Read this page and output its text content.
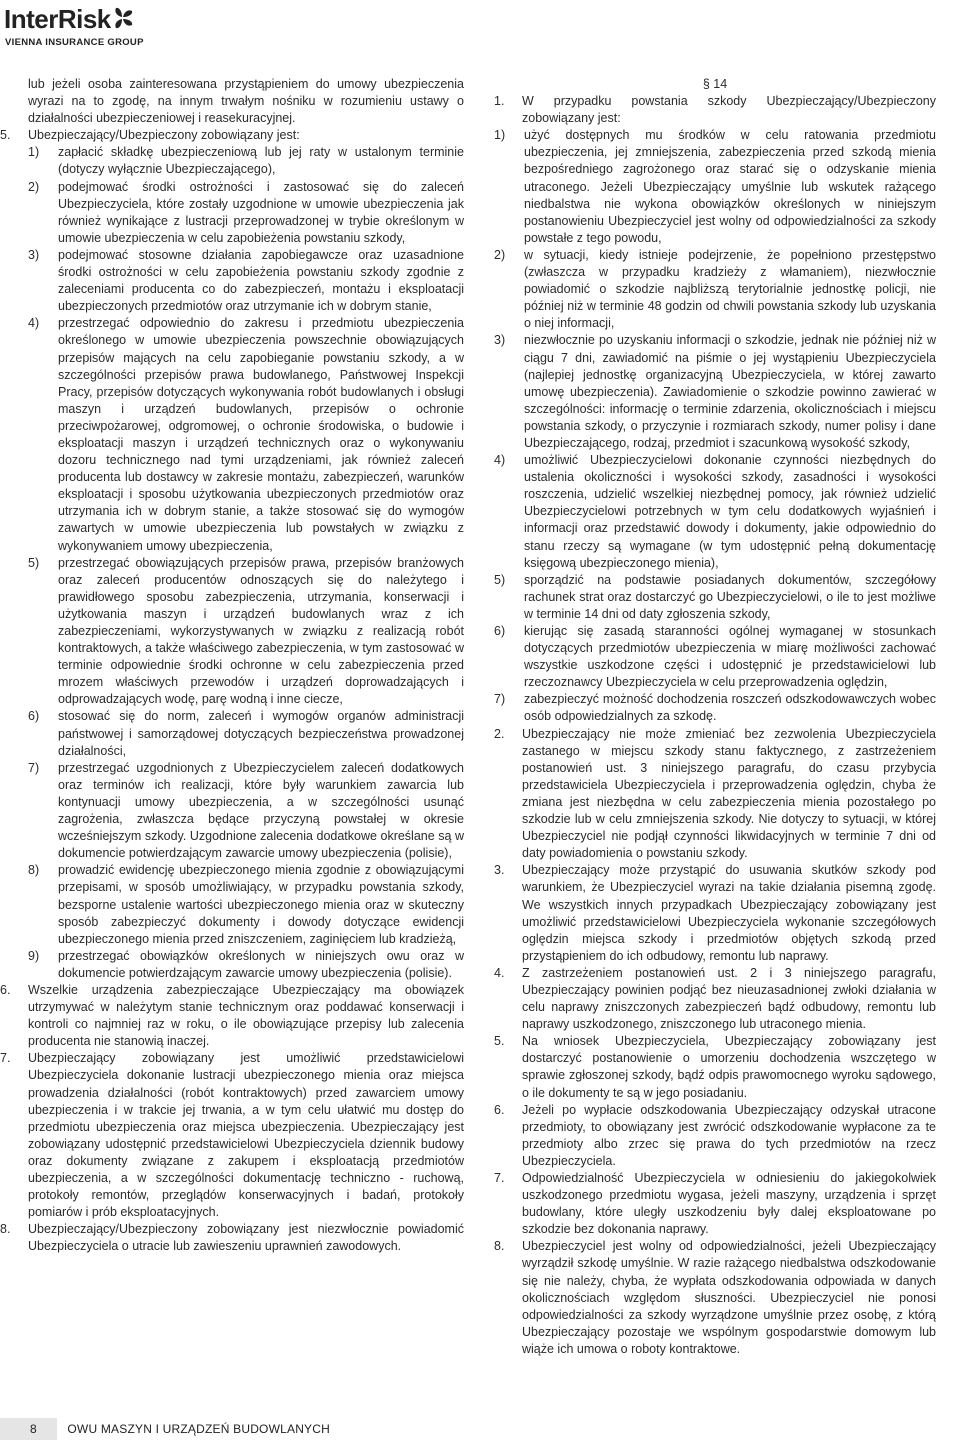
InterRisk
VIENNA INSURANCE GROUP
lub jeżeli osoba zainteresowana przystąpieniem do umowy ubezpieczenia wyrazi na to zgodę, na innym trwałym nośniku w rozumieniu ustawy o działalności ubezpieczeniowej i reasekuracyjnej.
5.	Ubezpieczający/Ubezpieczony zobowiązany jest:
1)	zapłacić składkę ubezpieczeniową lub jej raty w ustalonym terminie (dotyczy wyłącznie Ubezpieczającego),
2)	podejmować środki ostrożności i zastosować się do zaleceń Ubezpieczyciela, które zostały uzgodnione w umowie ubezpieczenia jak również wynikające z lustracji przeprowadzonej w trybie określonym w umowie ubezpieczenia w celu zapobieżenia powstaniu szkody,
3)	podejmować stosowne działania zapobiegawcze oraz uzasadnione środki ostrożności w celu zapobieżenia powstaniu szkody zgodnie z zaleceniami producenta co do zabezpieczeń, montażu i eksploatacji ubezpieczonych przedmiotów oraz utrzymanie ich w dobrym stanie,
4)	przestrzegać odpowiednio do zakresu i przedmiotu ubezpieczenia określonego w umowie ubezpieczenia powszechnie obowiązujących przepisów mających na celu zapobieganie powstaniu szkody, a w szczególności przepisów prawa budowlanego, Państwowej Inspekcji Pracy, przepisów dotyczących wykonywania robót budowlanych i obsługi maszyn i urządzeń budowlanych, przepisów o ochronie przeciwpożarowej, odgromowej, o ochronie środowiska, o budowie i eksploatacji maszyn i urządzeń technicznych oraz o wykonywaniu dozoru technicznego nad tymi urządzeniami, jak również zaleceń producenta lub dostawcy w zakresie montażu, zabezpieczeń, warunków eksploatacji i sposobu użytkowania ubezpieczonych przedmiotów oraz utrzymania ich w dobrym stanie, a także stosować się do wymogów zawartych w umowie ubezpieczenia lub powstałych w związku z wykonywaniem umowy ubezpieczenia,
5)	przestrzegać obowiązujących przepisów prawa, przepisów branżowych oraz zaleceń producentów odnoszących się do należytego i prawidłowego sposobu zabezpieczenia, utrzymania, konserwacji i użytkowania maszyn i urządzeń budowlanych wraz z ich zabezpieczeniami, wykorzystywanych w związku z realizacją robót kontraktowych, a także właściwego zabezpieczenia, w tym zastosować w terminie odpowiednie środki ochronne w celu zabezpieczenia przed mrozem właściwych przewodów i urządzeń doprowadzających i odprowadzających wodę, parę wodną i inne ciecze,
6)	stosować się do norm, zaleceń i wymogów organów administracji państwowej i samorządowej dotyczących bezpieczeństwa prowadzonej działalności,
7)	przestrzegać uzgodnionych z Ubezpieczycielem zaleceń dodatkowych oraz terminów ich realizacji, które były warunkiem zawarcia lub kontynuacji umowy ubezpieczenia, a w szczególności usunąć zagrożenia, zwłaszcza będące przyczyną powstałej w okresie wcześniejszym szkody. Uzgodnione zalecenia dodatkowe określane są w dokumencie potwierdzającym zawarcie umowy ubezpieczenia (polisie),
8)	prowadzić ewidencję ubezpieczonego mienia zgodnie z obowiązującymi przepisami, w sposób umożliwiający, w przypadku powstania szkody, bezsporne ustalenie wartości ubezpieczonego mienia oraz w skuteczny sposób zabezpieczyć dokumenty i dowody dotyczące ewidencji ubezpieczonego mienia przed zniszczeniem, zaginięciem lub kradzieżą,
9)	przestrzegać obowiązków określonych w niniejszych owu oraz w dokumencie potwierdzającym zawarcie umowy ubezpieczenia (polisie).
6.	Wszelkie urządzenia zabezpieczające Ubezpieczający ma obowiązek utrzymywać w należytym stanie technicznym oraz poddawać konserwacji i kontroli co najmniej raz w roku, o ile obowiązujące przepisy lub zalecenia producenta nie stanowią inaczej.
7.	Ubezpieczający zobowiązany jest umożliwić przedstawicielowi Ubezpieczyciela dokonanie lustracji ubezpieczonego mienia oraz miejsca prowadzenia działalności (robót kontraktowych) przed zawarciem umowy ubezpieczenia i w trakcie jej trwania, a w tym celu ułatwić mu dostęp do przedmiotu ubezpieczenia oraz miejsca ubezpieczenia. Ubezpieczający jest zobowiązany udostępnić przedstawicielowi Ubezpieczyciela dziennik budowy oraz dokumenty związane z zakupem i eksploatacją przedmiotów ubezpieczenia, a w szczególności dokumentację techniczno - ruchową, protokoły remontów, przeglądów konserwacyjnych i badań, protokoły pomiarów i prób eksploatacyjnych.
8.	Ubezpieczający/Ubezpieczony zobowiązany jest niezwłocznie powiadomić Ubezpieczyciela o utracie lub zawieszeniu uprawnień zawodowych.
§ 14
1.	W przypadku powstania szkody Ubezpieczający/Ubezpieczony zobowiązany jest:
1)	użyć dostępnych mu środków w celu ratowania przedmiotu ubezpieczenia, jej zmniejszenia, zabezpieczenia przed szkodą mienia bezpośredniego zagrożonego oraz starać się o odzyskanie mienia utraconego. Jeżeli Ubezpieczający umyślnie lub wskutek rażącego niedbalstwa nie wykona obowiązków określonych w niniejszym postanowieniu Ubezpieczyciel jest wolny od odpowiedzialności za szkody powstałe z tego powodu,
2)	w sytuacji, kiedy istnieje podejrzenie, że popełniono przestępstwo (zwłaszcza w przypadku kradzieży z włamaniem), niezwłocznie powiadomić o szkodzie najbliższą terytorialnie jednostkę policji, nie później niż w terminie 48 godzin od chwili powstania szkody lub uzyskania o niej informacji,
3)	niezwłocznie po uzyskaniu informacji o szkodzie, jednak nie później niż w ciągu 7 dni, zawiadomić na piśmie o jej wystąpieniu Ubezpieczyciela (najlepiej jednostkę organizacyjną Ubezpieczyciela, w której zawarto umowę ubezpieczenia). Zawiadomienie o szkodzie powinno zawierać w szczególności: informację o terminie zdarzenia, okolicznościach i miejscu powstania szkody, o przyczynie i rozmiarach szkody, numer polisy i dane Ubezpieczającego, rodzaj, przedmiot i szacunkową wysokość szkody,
4)	umożliwić Ubezpieczycielowi dokonanie czynności niezbędnych do ustalenia okoliczności i wysokości szkody, zasadności i wysokości roszczenia, udzielić wszelkiej niezbędnej pomocy, jak również udzielić Ubezpieczycielowi potrzebnych w tym celu dodatkowych wyjaśnień i informacji oraz przedstawić dowody i dokumenty, jakie odpowiednio do stanu rzeczy są wymagane (w tym udostępnić pełną dokumentację księgową ubezpieczonego mienia),
5)	sporządzić na podstawie posiadanych dokumentów, szczegółowy rachunek strat oraz dostarczyć go Ubezpieczycielowi, o ile to jest możliwe w terminie 14 dni od daty zgłoszenia szkody,
6)	kierując się zasadą staranności ogólnej wymaganej w stosunkach dotyczących przedmiotów ubezpieczenia w miarę możliwości zachować wszystkie uszkodzone części i udostępnić je przedstawicielowi lub rzeczoznawcy Ubezpieczyciela w celu przeprowadzenia oględzin,
7)	zabezpieczyć możność dochodzenia roszczeń odszkodowawczych wobec osób odpowiedzialnych za szkodę.
2.	Ubezpieczający nie może zmieniać bez zezwolenia Ubezpieczyciela zastanego w miejscu szkody stanu faktycznego, z zastrzeżeniem postanowień ust. 3 niniejszego paragrafu, do czasu przybycia przedstawiciela Ubezpieczyciela i przeprowadzenia oględzin, chyba że zmiana jest niezbędna w celu zabezpieczenia mienia pozostałego po szkodzie lub w celu zmniejszenia szkody. Nie dotyczy to sytuacji, w której Ubezpieczyciel nie podjął czynności likwidacyjnych w terminie 7 dni od daty powiadomienia o powstaniu szkody.
3.	Ubezpieczający może przystąpić do usuwania skutków szkody pod warunkiem, że Ubezpieczyciel wyrazi na takie działania pisemną zgodę. We wszystkich innych przypadkach Ubezpieczający zobowiązany jest umożliwić przedstawicielowi Ubezpieczyciela wykonanie szczegółowych oględzin miejsca szkody i przedmiotów objętych szkodą przed przystąpieniem do ich odbudowy, remontu lub naprawy.
4.	Z zastrzeżeniem postanowień ust. 2 i 3 niniejszego paragrafu, Ubezpieczający powinien podjąć bez nieuzasadnionej zwłoki działania w celu naprawy zniszczonych zabezpieczeń bądź odbudowy, remontu lub naprawy uszkodzonego, zniszczonego lub utraconego mienia.
5.	Na wniosek Ubezpieczyciela, Ubezpieczający zobowiązany jest dostarczyć postanowienie o umorzeniu dochodzenia wszczętego w sprawie zgłoszonej szkody, bądź odpis prawomocnego wyroku sądowego, o ile dokumenty te są w jego posiadaniu.
6.	Jeżeli po wypłacie odszkodowania Ubezpieczający odzyskał utracone przedmioty, to obowiązany jest zwrócić odszkodowanie wypłacone za te przedmioty albo zrzec się prawa do tych przedmiotów na rzecz Ubezpieczyciela.
7.	Odpowiedzialność Ubezpieczyciela w odniesieniu do jakiegokolwiek uszkodzonego przedmiotu wygasa, jeżeli maszyny, urządzenia i sprzęt budowlany, które uległy uszkodzeniu były dalej eksploatowane po szkodzie bez dokonania naprawy.
8.	Ubezpieczyciel jest wolny od odpowiedzialności, jeżeli Ubezpieczający wyrządził szkodę umyślnie. W razie rażącego niedbalstwa odszkodowanie się nie należy, chyba, że wypłata odszkodowania odpowiada w danych okolicznościach względom słuszności. Ubezpieczyciel nie ponosi odpowiedzialności za szkody wyrządzone umyślnie przez osobę, z którą Ubezpieczający pozostaje we wspólnym gospodarstwie domowym lub wiąże ich umowa o roboty kontraktowe.
8	OWU MASZYN I URZĄDZEŃ BUDOWLANYCH
